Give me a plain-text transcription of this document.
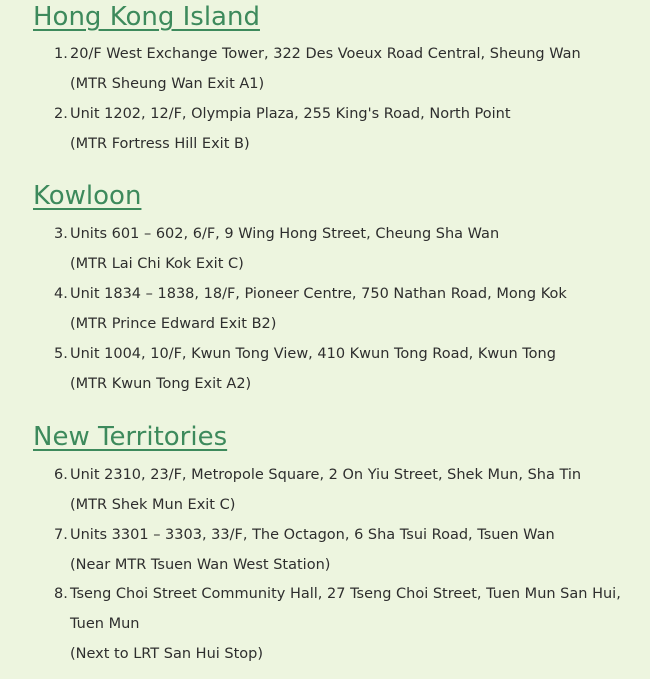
Hong Kong Island
1. 20/F West Exchange Tower, 322 Des Voeux Road Central, Sheung Wan
(MTR Sheung Wan Exit A1)
2. Unit 1202, 12/F, Olympia Plaza, 255 King's Road, North Point
(MTR Fortress Hill Exit B)
Kowloon
3. Units 601 – 602, 6/F, 9 Wing Hong Street, Cheung Sha Wan
(MTR Lai Chi Kok Exit C)
4. Unit 1834 – 1838, 18/F, Pioneer Centre, 750 Nathan Road, Mong Kok
(MTR Prince Edward Exit B2)
5. Unit 1004, 10/F, Kwun Tong View, 410 Kwun Tong Road, Kwun Tong
(MTR Kwun Tong Exit A2)
New Territories
6. Unit 2310, 23/F, Metropole Square, 2 On Yiu Street, Shek Mun, Sha Tin
(MTR Shek Mun Exit C)
7. Units 3301 – 3303, 33/F, The Octagon, 6 Sha Tsui Road, Tsuen Wan
(Near MTR Tsuen Wan West Station)
8. Tseng Choi Street Community Hall, 27 Tseng Choi Street, Tuen Mun San Hui,
Tuen Mun
(Next to LRT San Hui Stop)
